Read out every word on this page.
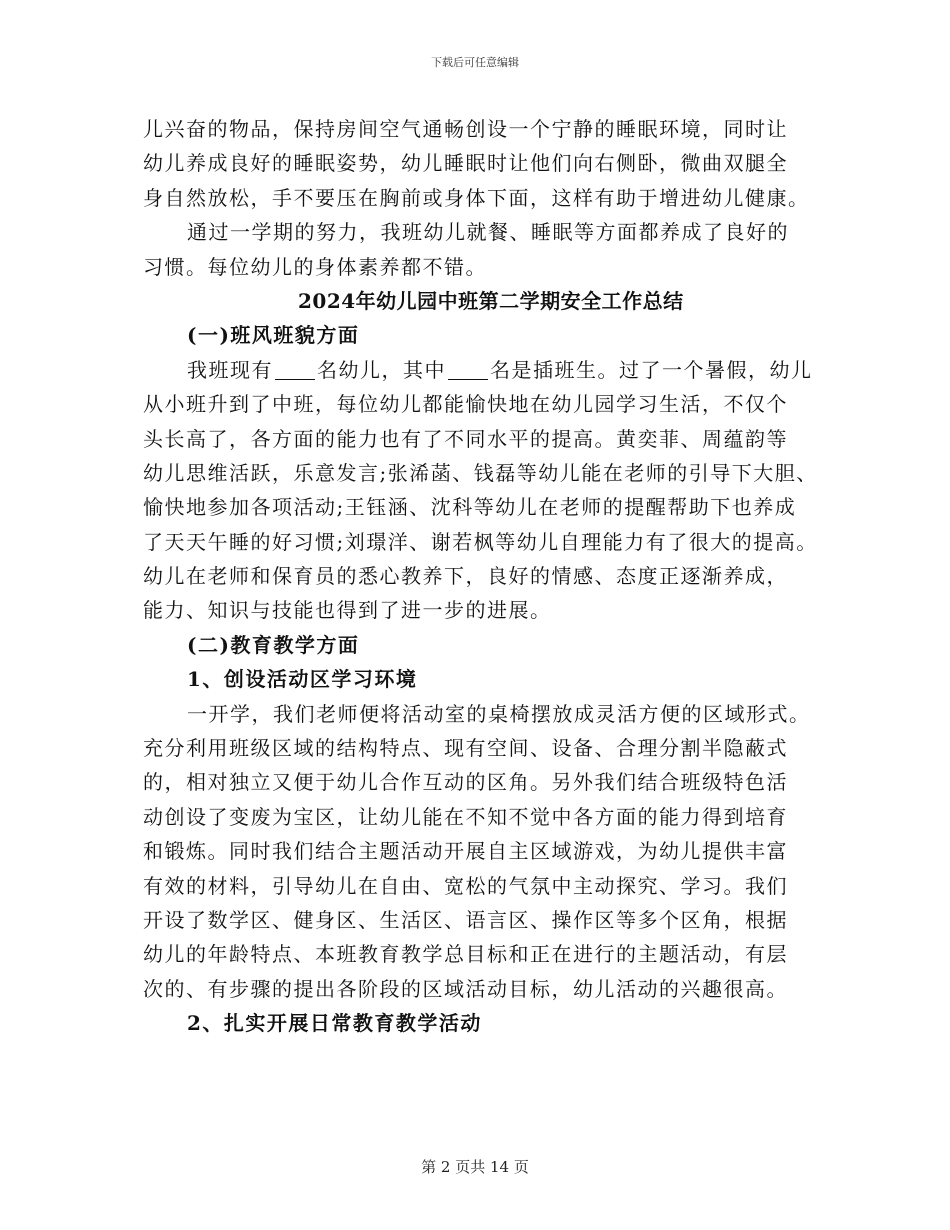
下载后可任意编辑
儿兴奋的物品，保持房间空气通畅创设一个宁静的睡眠环境，同时让
幼儿养成良好的睡眠姿势，幼儿睡眠时让他们向右侧卧，微曲双腿全
身自然放松，手不要压在胸前或身体下面，这样有助于增进幼儿健康。
通过一学期的努力，我班幼儿就餐、睡眠等方面都养成了良好的
习惯。每位幼儿的身体素养都不错。
2024年幼儿园中班第二学期安全工作总结
(一)班风班貌方面
我班现有 名幼儿，其中 名是插班生。过了一个暑假，幼儿
从小班升到了中班，每位幼儿都能愉快地在幼儿园学习生活，不仅个
头长高了，各方面的能力也有了不同水平的提高。黄奕菲、周蕴韵等
幼儿思维活跃，乐意发言;张浠菡、钱磊等幼儿能在老师的引导下大胆、
愉快地参加各项活动;王钰涵、沈科等幼儿在老师的提醒帮助下也养成
了天天午睡的好习惯;刘璟洋、谢若枫等幼儿自理能力有了很大的提高。
幼儿在老师和保育员的悉心教养下，良好的情感、态度正逐渐养成，
能力、知识与技能也得到了进一步的进展。
(二)教育教学方面
1、创设活动区学习环境
一开学，我们老师便将活动室的桌椅摆放成灵活方便的区域形式。
充分利用班级区域的结构特点、现有空间、设备、合理分割半隐蔽式
的，相对独立又便于幼儿合作互动的区角。另外我们结合班级特色活
动创设了变废为宝区，让幼儿能在不知不觉中各方面的能力得到培育
和锻炼。同时我们结合主题活动开展自主区域游戏，为幼儿提供丰富
有效的材料，引导幼儿在自由、宽松的气氛中主动探究、学习。我们
开设了数学区、健身区、生活区、语言区、操作区等多个区角，根据
幼儿的年龄特点、本班教育教学总目标和正在进行的主题活动，有层
次的、有步骤的提出各阶段的区域活动目标，幼儿活动的兴趣很高。
2、扎实开展日常教育教学活动
第 2 页共 14 页
